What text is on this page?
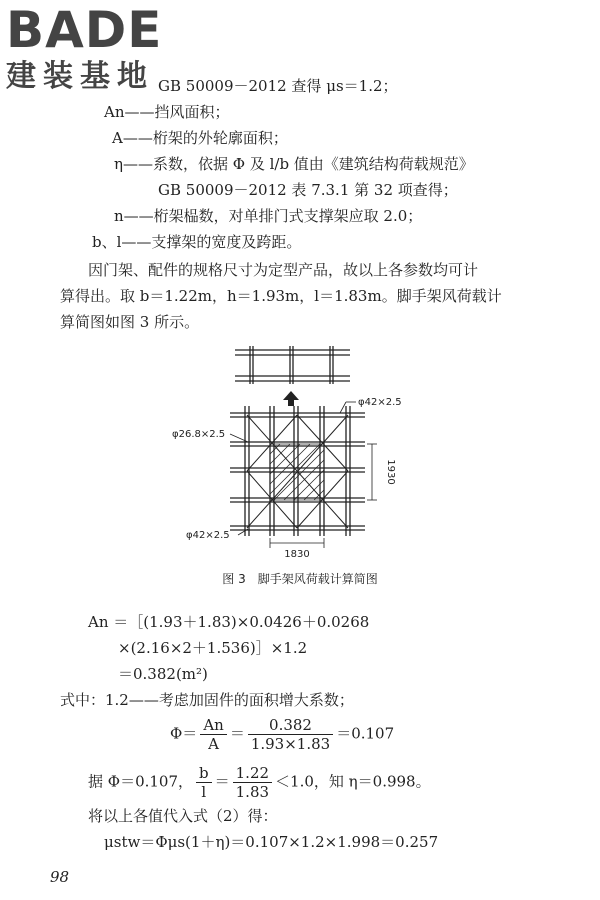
BADE
建装基地 GB 50009－2012 查得 μs＝1.2；
An——挡风面积；
A——桁架的外轮廓面积；
η——系数，依据 Φ 及 l/b 值由《建筑结构荷载规范》
GB 50009－2012 表 7.3.1 第 32 项查得；
n——桁架榀数，对单排门式支撑架应取 2.0；
b、l——支撑架的宽度及跨距。
因门架、配件的规格尺寸为定型产品，故以上各参数均可计
算得出。取 b＝1.22m，h＝1.93m，l＝1.83m。脚手架风荷载计
算简图如图 3 所示。
φ42×2.5
φ26.8×2.5
φ42×2.5
1930
1830
图 3　脚手架风荷载计算简图
An ＝［(1.93＋1.83)×0.0426＋0.0268
×(2.16×2＋1.536)］×1.2
＝0.382(m²)
式中：1.2——考虑加固件的面积增大系数；
$\Phi= \frac{An}{A} = \frac{0.382}{1.93\times 1.83} =0.107$
据 Φ＝0.107， $\frac{b}{l} = \frac{1.22}{1.83} <1.0$，知 η＝0.998。
将以上各值代入式（2）得：
μstw＝Φμs(1＋η)＝0.107×1.2×1.998＝0.257
98
